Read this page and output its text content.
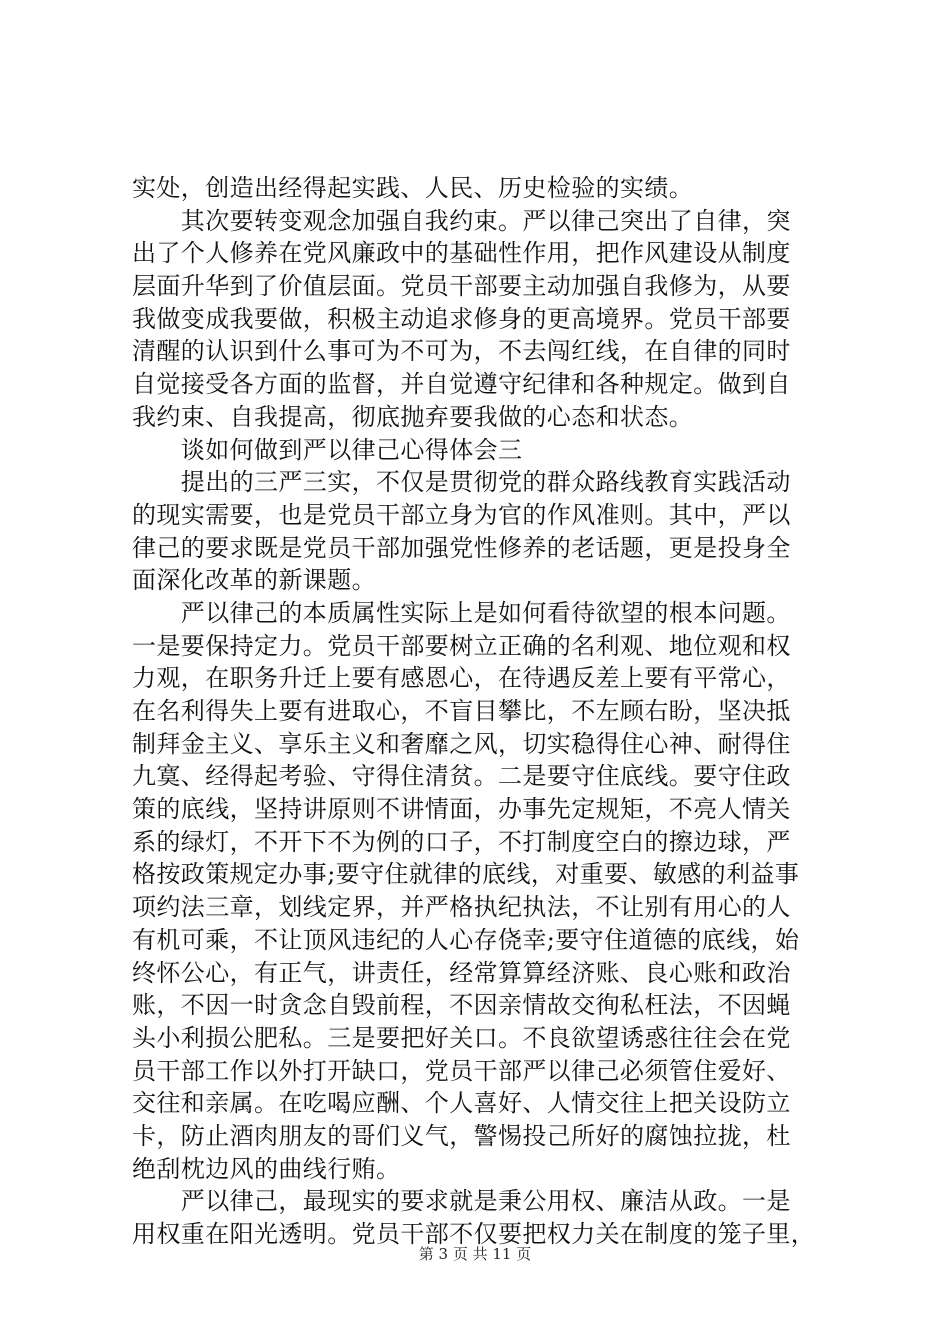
实处，创造出经得起实践、人民、历史检验的实绩。
　　其次要转变观念加强自我约束。严以律己突出了自律，突
出了个人修养在党风廉政中的基础性作用，把作风建设从制度
层面升华到了价值层面。党员干部要主动加强自我修为，从要
我做变成我要做，积极主动追求修身的更高境界。党员干部要
清醒的认识到什么事可为不可为，不去闯红线，在自律的同时
自觉接受各方面的监督，并自觉遵守纪律和各种规定。做到自
我约束、自我提高，彻底抛弃要我做的心态和状态。
　　谈如何做到严以律己心得体会三
　　提出的三严三实，不仅是贯彻党的群众路线教育实践活动
的现实需要，也是党员干部立身为官的作风准则。其中，严以
律己的要求既是党员干部加强党性修养的老话题，更是投身全
面深化改革的新课题。
　　严以律己的本质属性实际上是如何看待欲望的根本问题。
一是要保持定力。党员干部要树立正确的名利观、地位观和权
力观，在职务升迁上要有感恩心，在待遇反差上要有平常心，
在名利得失上要有进取心，不盲目攀比，不左顾右盼，坚决抵
制拜金主义、享乐主义和奢靡之风，切实稳得住心神、耐得住
九寞、经得起考验、守得住清贫。二是要守住底线。要守住政
策的底线，坚持讲原则不讲情面，办事先定规矩，不亮人情关
系的绿灯，不开下不为例的口子，不打制度空白的擦边球，严
格按政策规定办事;要守住就律的底线，对重要、敏感的利益事
项约法三章，划线定界，并严格执纪执法，不让别有用心的人
有机可乘，不让顶风违纪的人心存侥幸;要守住道德的底线，始
终怀公心，有正气，讲责任，经常算算经济账、良心账和政治
账，不因一时贪念自毁前程，不因亲情故交徇私枉法，不因蝇
头小利损公肥私。三是要把好关口。不良欲望诱惑往往会在党
员干部工作以外打开缺口，党员干部严以律己必须管住爱好、
交往和亲属。在吃喝应酬、个人喜好、人情交往上把关设防立
卡，防止酒肉朋友的哥们义气，警惕投己所好的腐蚀拉拢，杜
绝刮枕边风的曲线行贿。
　　严以律己，最现实的要求就是秉公用权、廉洁从政。一是
用权重在阳光透明。党员干部不仅要把权力关在制度的笼子里，
第 3 页 共 11 页
